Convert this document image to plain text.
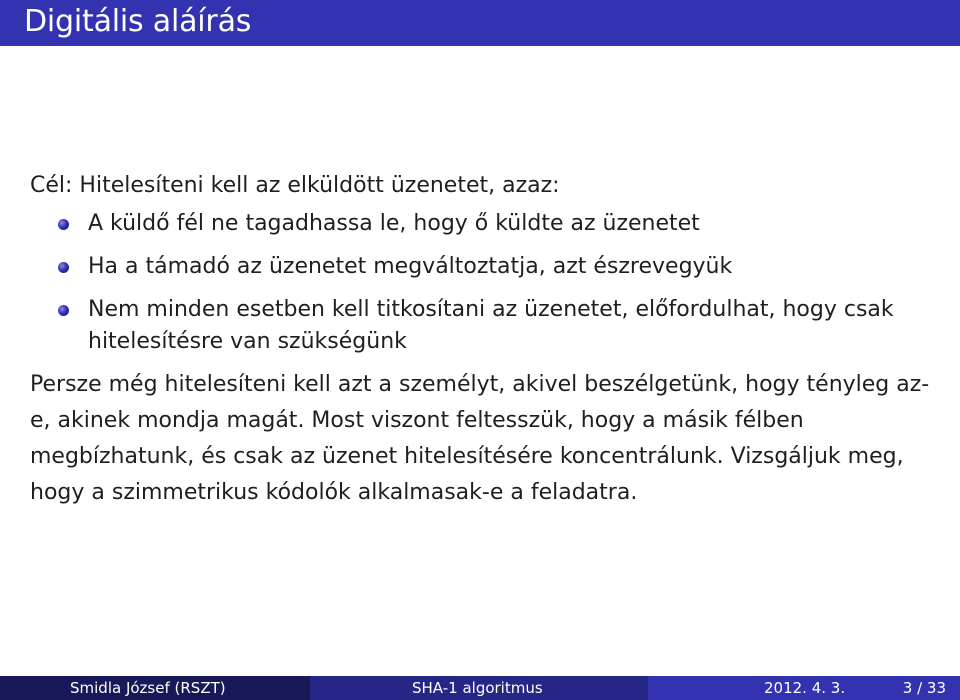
Digitális aláírás

Cél: Hitelesíteni kell az elküldött üzenetet, azaz:

A küldő fél ne tagadhassa le, hogy ő küldte az üzenetet
Ha a támadó az üzenetet megváltoztatja, azt észrevegyük
Nem minden esetben kell titkosítani az üzenetet, előfordulhat, hogy csak hitelesítésre van szükségünk

Persze még hitelesíteni kell azt a személyt, akivel beszélgetünk, hogy tényleg az-e, akinek mondja magát. Most viszont feltesszük, hogy a másik félben megbízhatunk, és csak az üzenet hitelesítésére koncentrálunk. Vizsgáljuk meg, hogy a szimmetrikus kódolók alkalmasak-e a feladatra.

Smidla József (RSZT)	SHA-1 algoritmus	2012. 4. 3.	3 / 33
